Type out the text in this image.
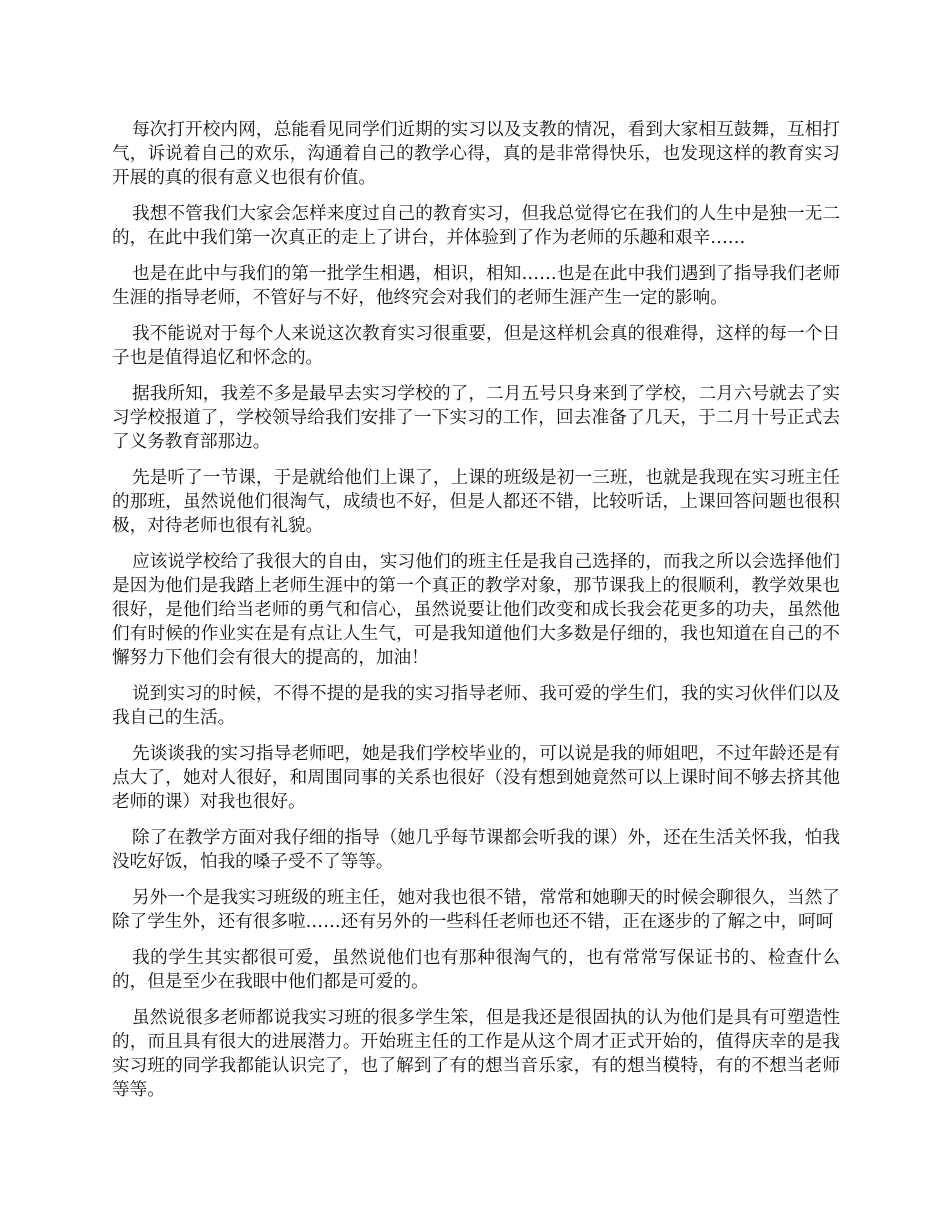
每次打开校内网，总能看见同学们近期的实习以及支教的情况，看到大家相互鼓舞，互相打气，诉说着自己的欢乐，沟通着自己的教学心得，真的是非常得快乐，也发现这样的教育实习开展的真的很有意义也很有价值。

我想不管我们大家会怎样来度过自己的教育实习，但我总觉得它在我们的人生中是独一无二的，在此中我们第一次真正的走上了讲台，并体验到了作为老师的乐趣和艰辛……

也是在此中与我们的第一批学生相遇，相识，相知……也是在此中我们遇到了指导我们老师生涯的指导老师，不管好与不好，他终究会对我们的老师生涯产生一定的影响。

我不能说对于每个人来说这次教育实习很重要，但是这样机会真的很难得，这样的每一个日子也是值得追忆和怀念的。

据我所知，我差不多是最早去实习学校的了，二月五号只身来到了学校，二月六号就去了实习学校报道了，学校领导给我们安排了一下实习的工作，回去准备了几天，于二月十号正式去了义务教育部那边。

先是听了一节课，于是就给他们上课了，上课的班级是初一三班，也就是我现在实习班主任的那班，虽然说他们很淘气，成绩也不好，但是人都还不错，比较听话，上课回答问题也很积极，对待老师也很有礼貌。

应该说学校给了我很大的自由，实习他们的班主任是我自己选择的，而我之所以会选择他们是因为他们是我踏上老师生涯中的第一个真正的教学对象，那节课我上的很顺利，教学效果也很好，是他们给当老师的勇气和信心，虽然说要让他们改变和成长我会花更多的功夫，虽然他们有时候的作业实在是有点让人生气，可是我知道他们大多数是仔细的，我也知道在自己的不懈努力下他们会有很大的提高的，加油！

说到实习的时候，不得不提的是我的实习指导老师、我可爱的学生们，我的实习伙伴们以及我自己的生活。

先谈谈我的实习指导老师吧，她是我们学校毕业的，可以说是我的师姐吧，不过年龄还是有点大了，她对人很好，和周围同事的关系也很好（没有想到她竟然可以上课时间不够去挤其他老师的课）对我也很好。

除了在教学方面对我仔细的指导（她几乎每节课都会听我的课）外，还在生活关怀我，怕我没吃好饭，怕我的嗓子受不了等等。

另外一个是我实习班级的班主任，她对我也很不错，常常和她聊天的时候会聊很久，当然了除了学生外，还有很多啦……还有另外的一些科任老师也还不错，正在逐步的了解之中，呵呵

我的学生其实都很可爱，虽然说他们也有那种很淘气的，也有常常写保证书的、检查什么的，但是至少在我眼中他们都是可爱的。

虽然说很多老师都说我实习班的很多学生笨，但是我还是很固执的认为他们是具有可塑造性的，而且具有很大的进展潜力。开始班主任的工作是从这个周才正式开始的，值得庆幸的是我实习班的同学我都能认识完了，也了解到了有的想当音乐家，有的想当模特，有的不想当老师等等。
